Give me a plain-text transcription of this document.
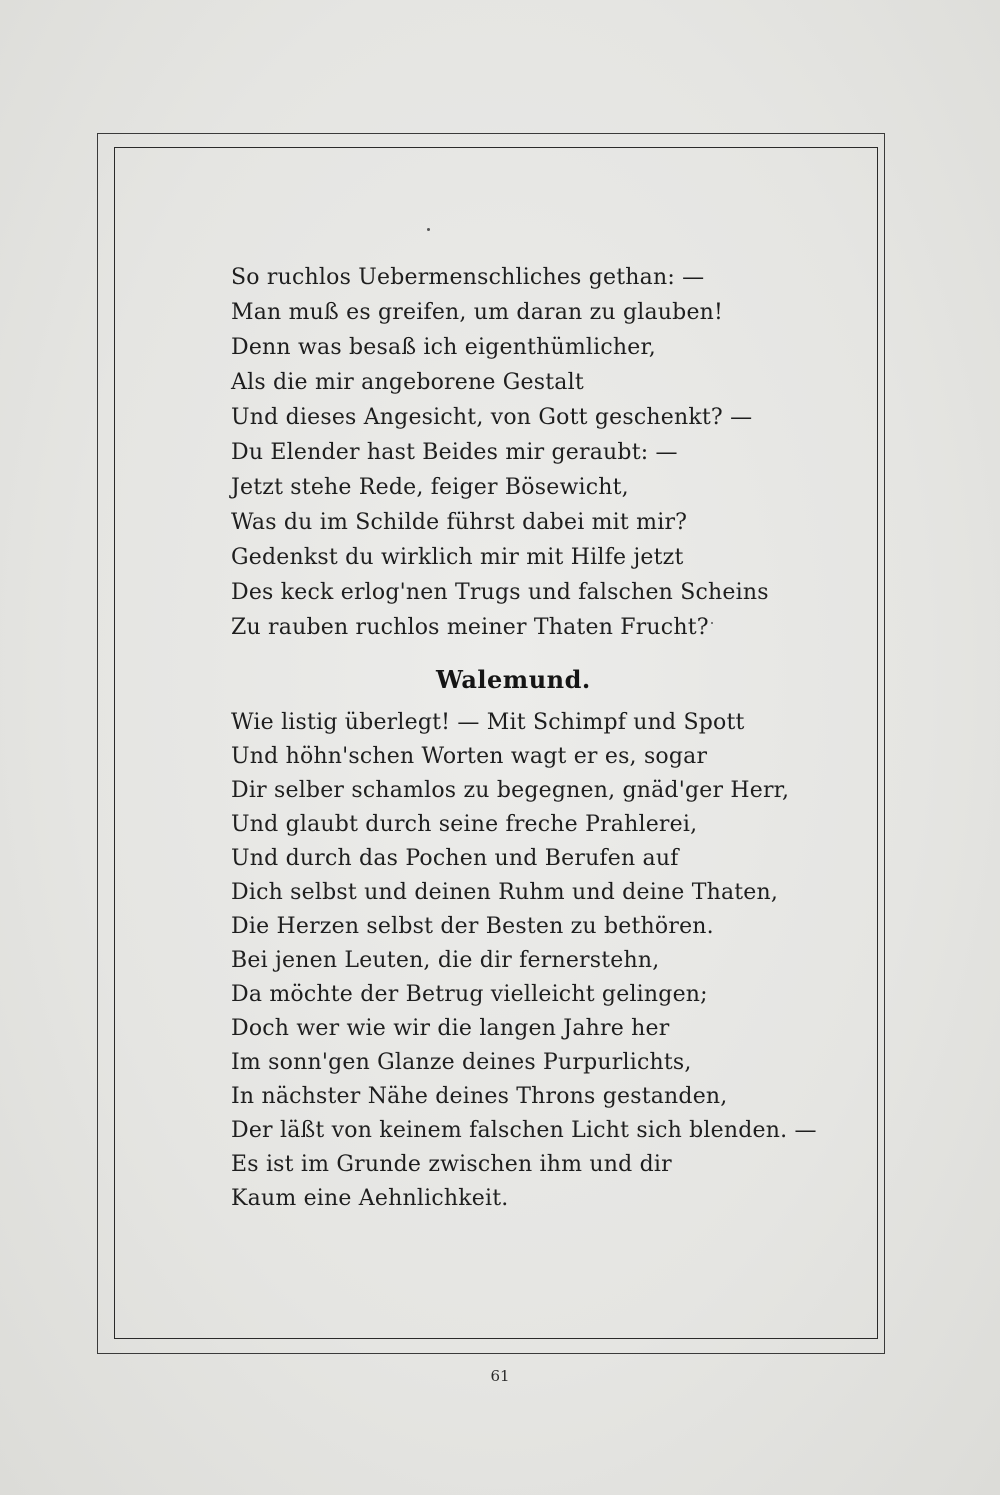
So ruchlos Uebermenschliches gethan: —
Man muß es greifen, um daran zu glauben!
Denn was besaß ich eigenthümlicher,
Als die mir angeborene Gestalt
Und dieses Angesicht, von Gott geschenkt? —
Du Elender hast Beides mir geraubt: —
Jetzt stehe Rede, feiger Bösewicht,
Was du im Schilde führst dabei mit mir?
Gedenkst du wirklich mir mit Hilfe jetzt
Des keck erlog'nen Trugs und falschen Scheins
Zu rauben ruchlos meiner Thaten Frucht?
Walemund.
Wie listig überlegt! — Mit Schimpf und Spott
Und höhn'schen Worten wagt er es, sogar
Dir selber schamlos zu begegnen, gnäd'ger Herr,
Und glaubt durch seine freche Prahlerei,
Und durch das Pochen und Berufen auf
Dich selbst und deinen Ruhm und deine Thaten,
Die Herzen selbst der Besten zu bethören.
Bei jenen Leuten, die dir fernerstehn,
Da möchte der Betrug vielleicht gelingen;
Doch wer wie wir die langen Jahre her
Im sonn'gen Glanze deines Purpurlichts,
In nächster Nähe deines Throns gestanden,
Der läßt von keinem falschen Licht sich blenden. —
Es ist im Grunde zwischen ihm und dir
Kaum eine Aehnlichkeit.
61
